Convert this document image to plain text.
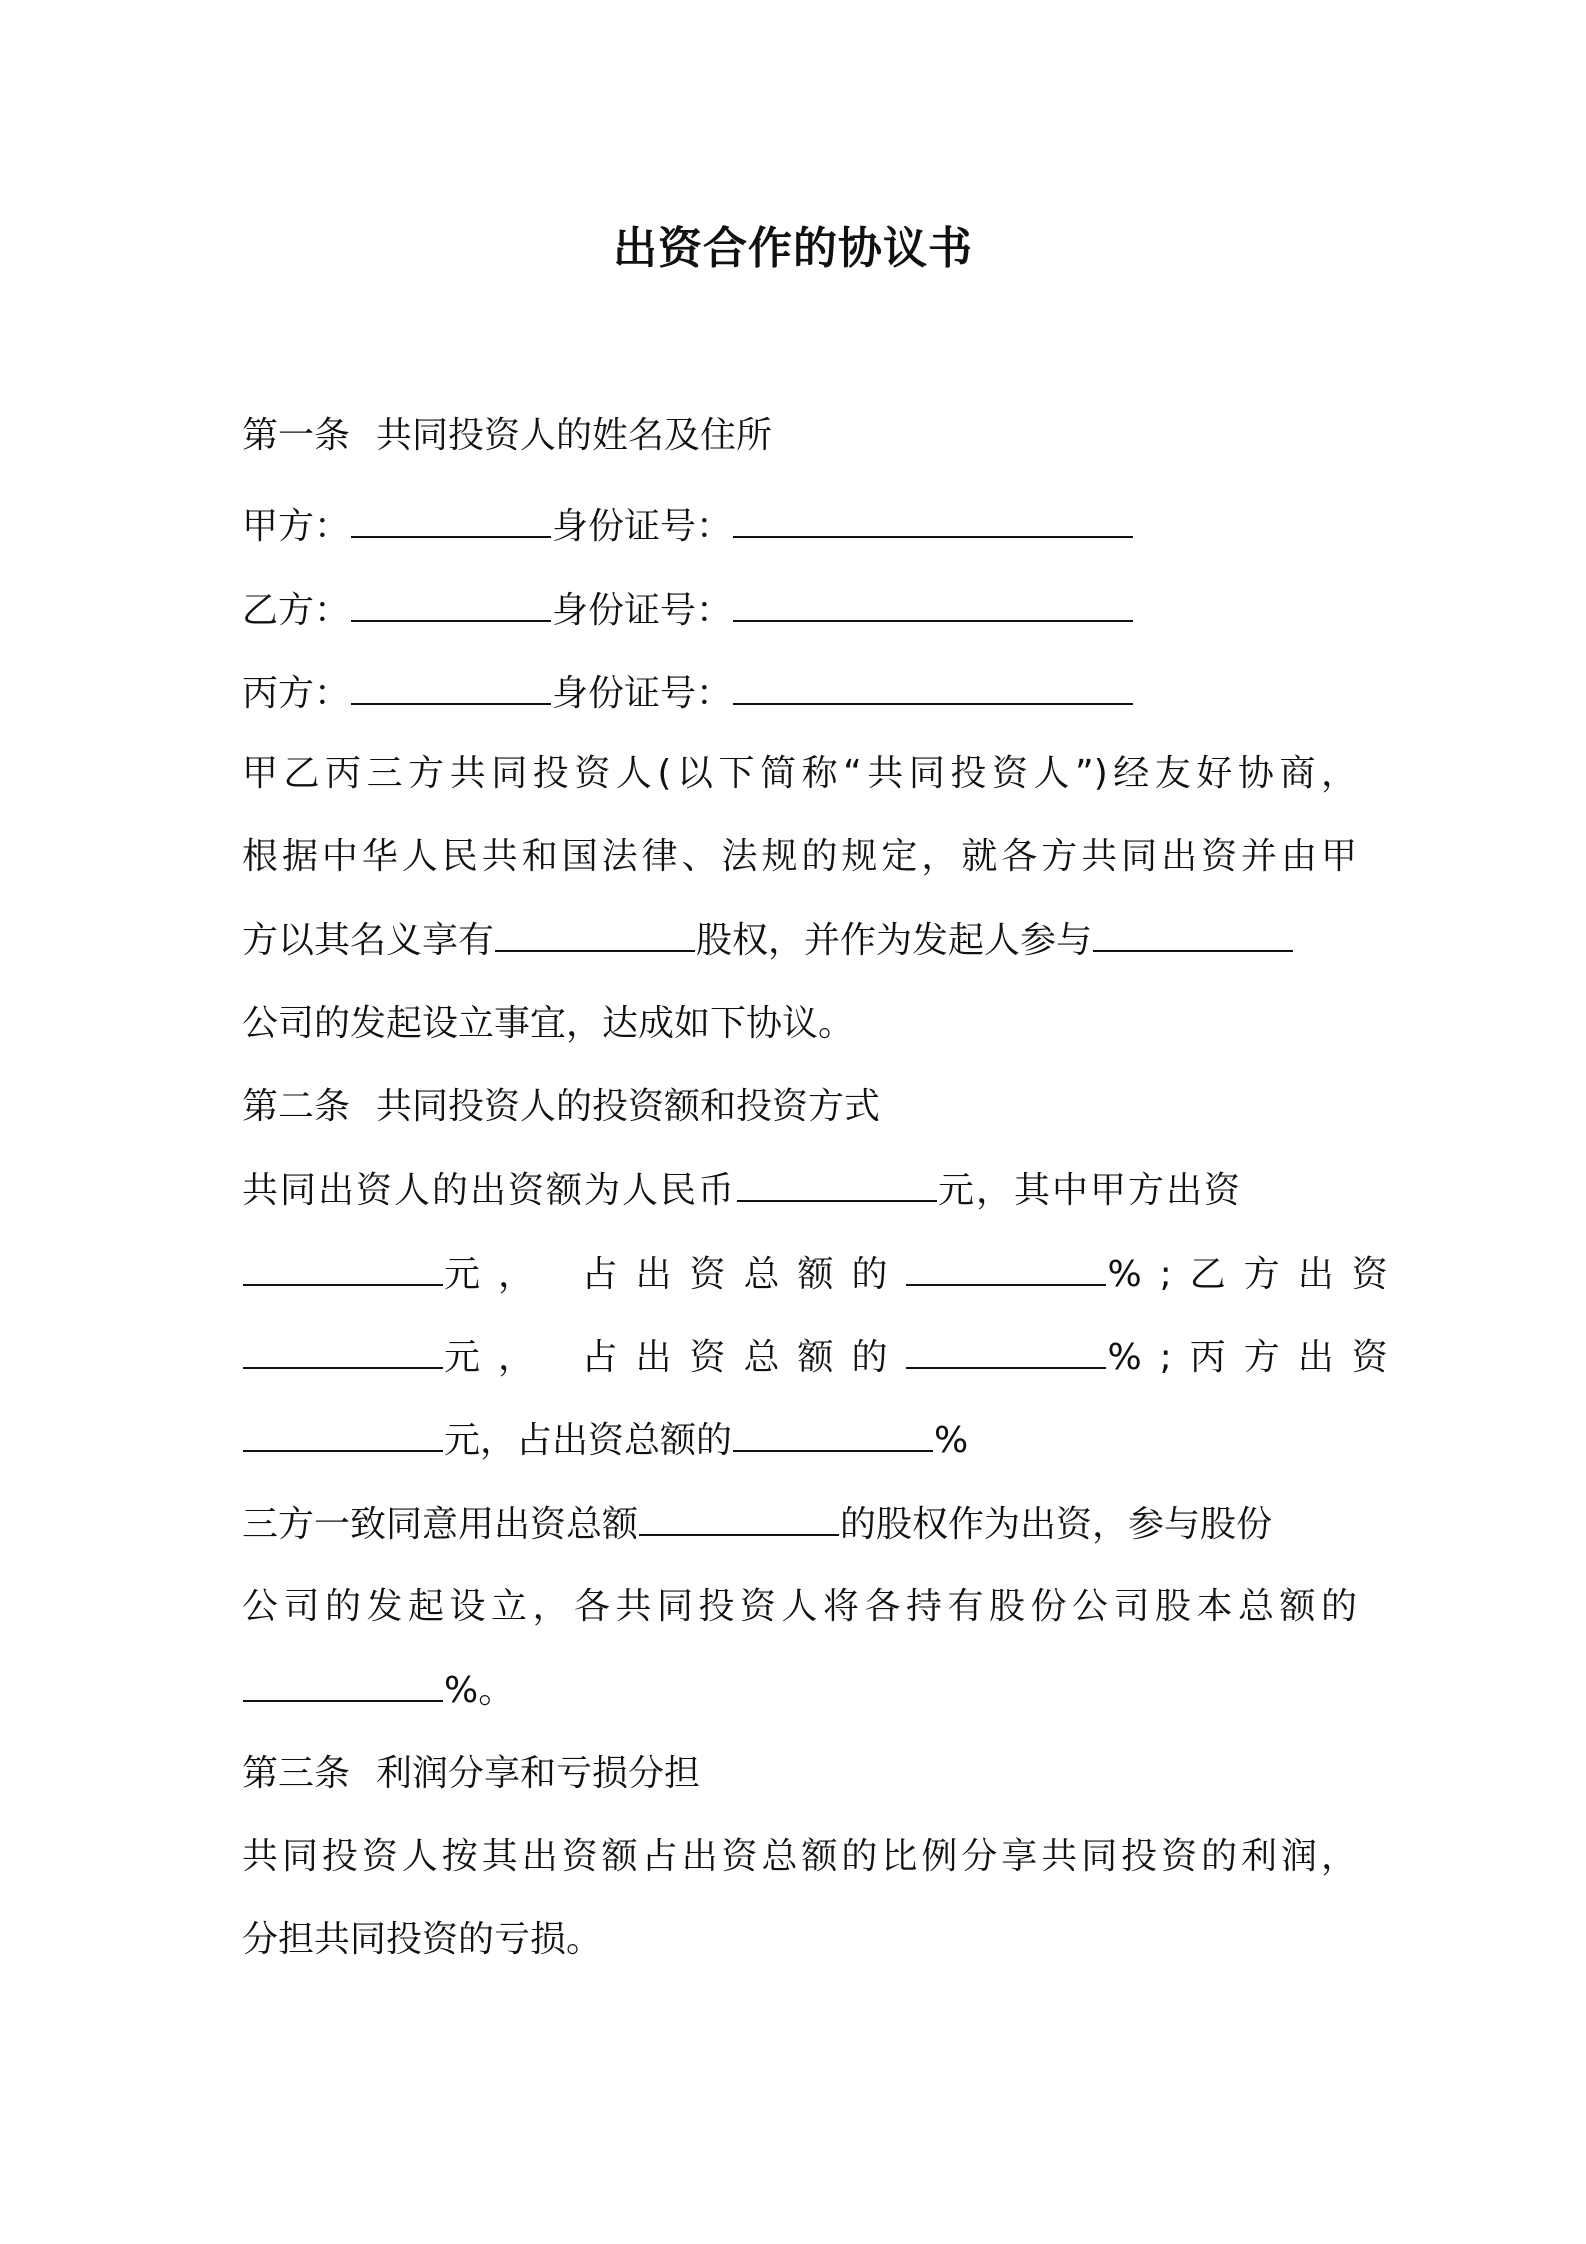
出资合作的协议书
第一条 共同投资人的姓名及住所
甲方：	身份证号：
乙方：	身份证号：
丙方：	身份证号：
甲乙丙三方共同投资人(以下简称“共同投资人”)经友好协商，
根据中华人民共和国法律、法规的规定，就各方共同出资并由甲
方以其名义享有	股权，并作为发起人参与
公司的发起设立事宜，达成如下协议。
第二条 共同投资人的投资额和投资方式
共同出资人的出资额为人民币	元，其中甲方出资
元， 占出资总额的	%;乙方出资
元， 占出资总额的	%;丙方出资
元，占出资总额的	%
三方一致同意用出资总额	的股权作为出资，参与股份
公司的发起设立，各共同投资人将各持有股份公司股本总额的
%。
第三条 利润分享和亏损分担
共同投资人按其出资额占出资总额的比例分享共同投资的利润，
分担共同投资的亏损。
